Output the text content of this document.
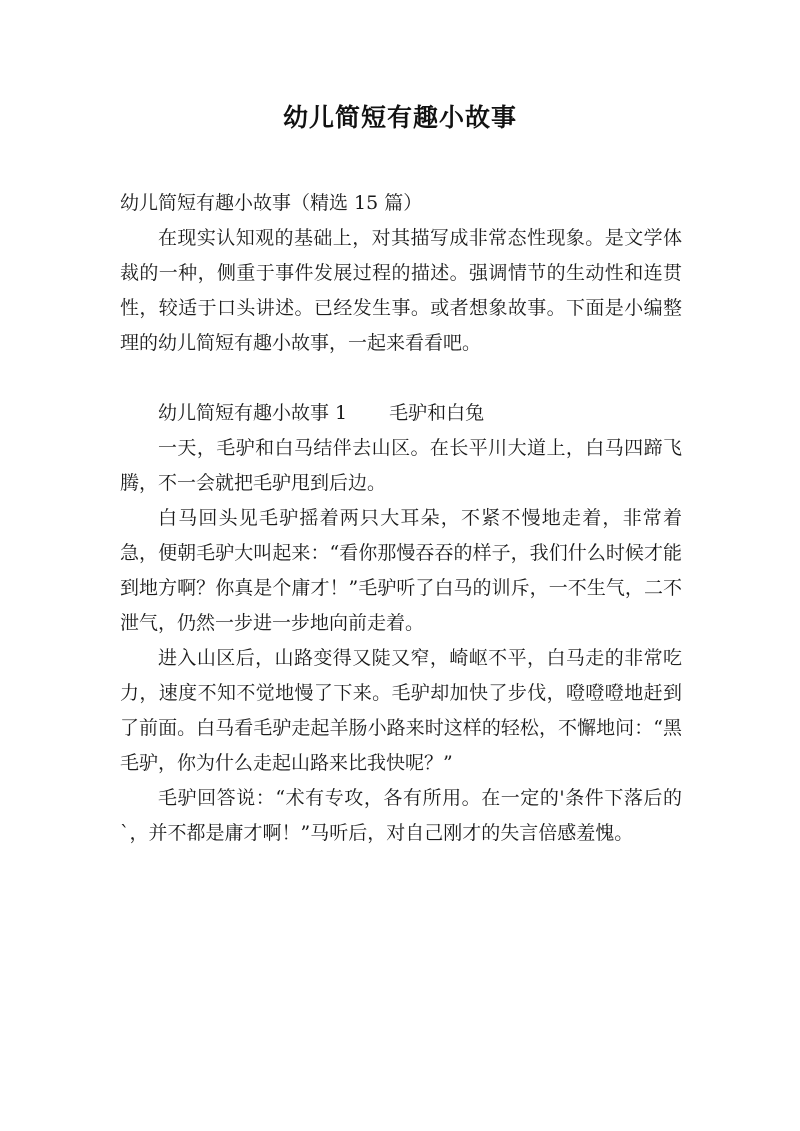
幼儿简短有趣小故事

幼儿简短有趣小故事（精选 15 篇）

在现实认知观的基础上，对其描写成非常态性现象。是文学体裁的一种，侧重于事件发展过程的描述。强调情节的生动性和连贯性，较适于口头讲述。已经发生事。或者想象故事。下面是小编整理的幼儿简短有趣小故事，一起来看看吧。

幼儿简短有趣小故事 1 毛驴和白兔

一天，毛驴和白马结伴去山区。在长平川大道上，白马四蹄飞腾，不一会就把毛驴甩到后边。

白马回头见毛驴摇着两只大耳朵，不紧不慢地走着，非常着急，便朝毛驴大叫起来：“看你那慢吞吞的样子，我们什么时候才能到地方啊？你真是个庸才！”毛驴听了白马的训斥，一不生气，二不泄气，仍然一步进一步地向前走着。

进入山区后，山路变得又陡又窄，崎岖不平，白马走的非常吃力，速度不知不觉地慢了下来。毛驴却加快了步伐，噔噔噔地赶到了前面。白马看毛驴走起羊肠小路来时这样的轻松，不懈地问：“黑毛驴，你为什么走起山路来比我快呢？”

毛驴回答说：“术有专攻，各有所用。在一定的'条件下落后的`，并不都是庸才啊！”马听后，对自己刚才的失言倍感羞愧。
